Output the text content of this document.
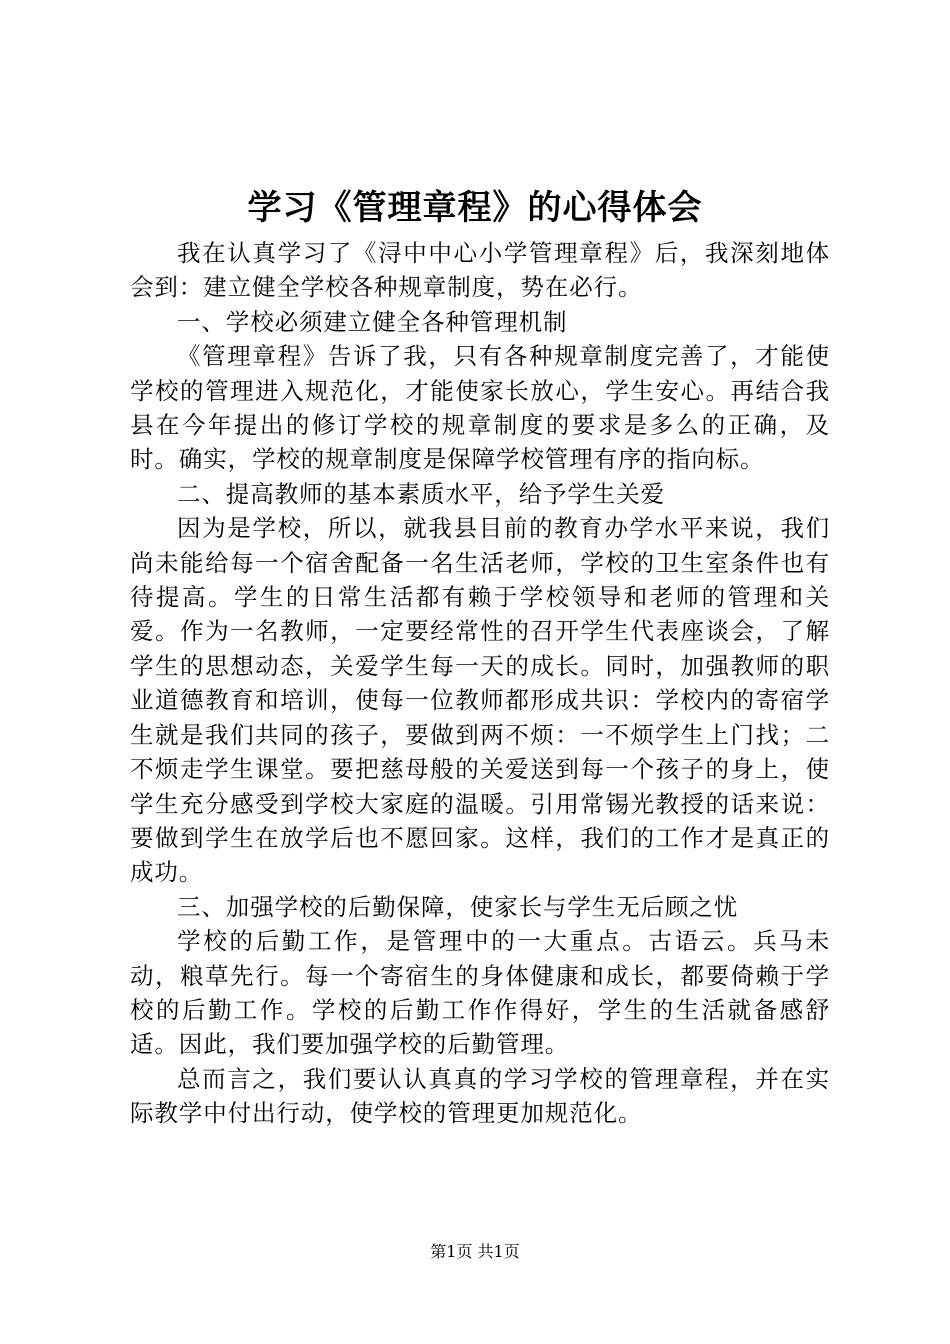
学习《管理章程》的心得体会

我在认真学习了《浔中中心小学管理章程》后，我深刻地体会到：建立健全学校各种规章制度，势在必行。

一、学校必须建立健全各种管理机制

《管理章程》告诉了我，只有各种规章制度完善了，才能使学校的管理进入规范化，才能使家长放心，学生安心。再结合我县在今年提出的修订学校的规章制度的要求是多么的正确，及时。确实，学校的规章制度是保障学校管理有序的指向标。

二、提高教师的基本素质水平，给予学生关爱

因为是学校，所以，就我县目前的教育办学水平来说，我们尚未能给每一个宿舍配备一名生活老师，学校的卫生室条件也有待提高。学生的日常生活都有赖于学校领导和老师的管理和关爱。作为一名教师，一定要经常性的召开学生代表座谈会，了解学生的思想动态，关爱学生每一天的成长。同时，加强教师的职业道德教育和培训，使每一位教师都形成共识：学校内的寄宿学生就是我们共同的孩子，要做到两不烦：一不烦学生上门找；二不烦走学生课堂。要把慈母般的关爱送到每一个孩子的身上，使学生充分感受到学校大家庭的温暖。引用常锡光教授的话来说：要做到学生在放学后也不愿回家。这样，我们的工作才是真正的成功。

三、加强学校的后勤保障，使家长与学生无后顾之忧

学校的后勤工作，是管理中的一大重点。古语云。兵马未动，粮草先行。每一个寄宿生的身体健康和成长，都要倚赖于学校的后勤工作。学校的后勤工作作得好，学生的生活就备感舒适。因此，我们要加强学校的后勤管理。

总而言之，我们要认认真真的学习学校的管理章程，并在实际教学中付出行动，使学校的管理更加规范化。

第1页 共1页
